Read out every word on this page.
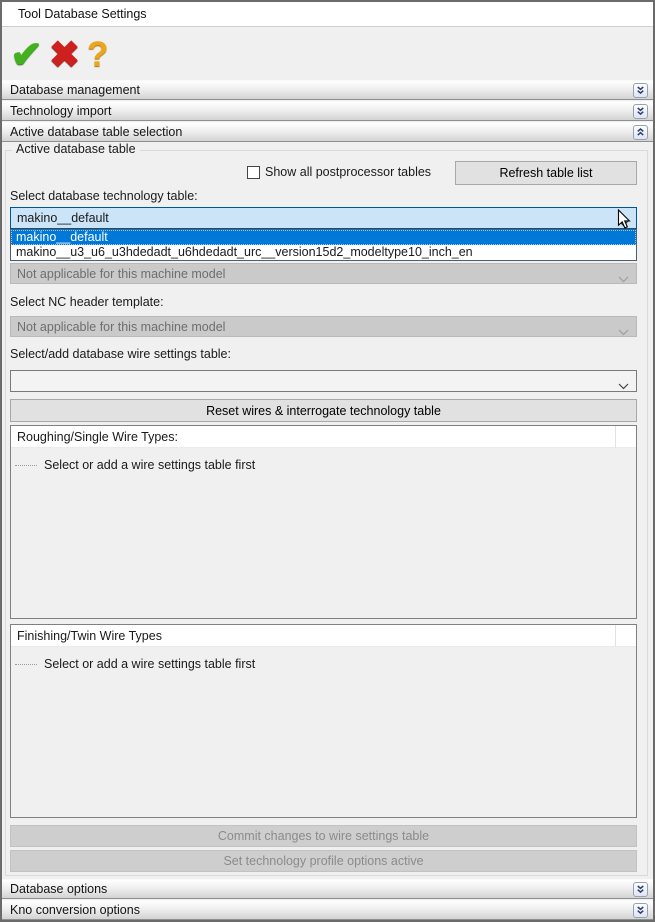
Tool Database Settings
✔ ✖ ?
Database management
Technology import
Active database table selection
Active database table
Show all postprocessor tables	Refresh table list
Select database technology table:
makino__default
makino__default
makino__u3_u6_u3hdedadt_u6hdedadt_urc__version15d2_modeltype10_inch_en
Not applicable for this machine model
Select NC header template:
Not applicable for this machine model
Select/add database wire settings table:
Reset wires & interrogate technology table
Roughing/Single Wire Types:
Select or add a wire settings table first
Finishing/Twin Wire Types
Select or add a wire settings table first
Commit changes to wire settings table
Set technology profile options active
Database options
Kno conversion options
